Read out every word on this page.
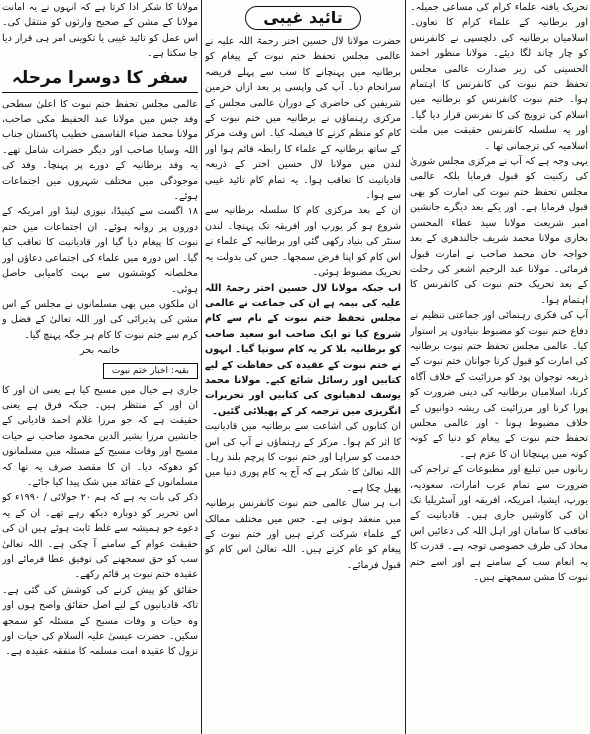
تحریک یافتہ علماء کرام کی مساعی جمیلہ۔ اور برطانیہ کے علماء کرام کا تعاون۔ اسلامیان برطانیہ کی دلچسپی نے کانفرنس کو چار چاند لگا دیئے۔ مولانا منظور احمد الحسینی کی زیر صدارت عالمی مجلس تحفظ ختم نبوت کی کانفرنس کا اہتمام ہوا۔ ختم نبوت کانفرنس کو برطانیہ میں اسلام کی ترویج کی کا نفرنس قرار دیا گیا۔ اور یہ سلسلہ کانفرنس حقیقت میں ملت اسلامیہ کی ترجمانی تھا ۔

یہی وجہ ہے کہ آپ نے مرکزی مجلس شوریٰ کی رکنیت کو قبول فرمایا بلکہ عالمی مجلس تحفظ ختم نبوت کی امارت کو بھی قبول فرمایا ہے۔ اور یکے بعد دیگرے جانشین امیر شریعت مولانا سید عطاء المحسن بخاری مولانا محمد شریف جالندھری کے بعد خواجہ خان محمد صاحب نے امارت قبول فرمائی۔ مولانا عبد الرحیم اشعر کی رحلت کے بعد تحریک ختم نبوت کی کانفرنس کا اہتمام ہوا۔

آپ کی فکری رہنمائی اور جماعتی تنظیم نے دفاع ختم نبوت کو مضبوط بنیادوں پر استوار کیا۔ عالمی مجلس تحفظ ختم نبوت برطانیہ کی امارت کو قبول کرنا جوانان ختم نبوت کے ذریعہ نوجوان پود کو مرزائیت کے خلاف آگاہ کرنا، اسلامیان برطانیہ کی دینی ضرورت کو پورا کرنا اور مرزائیت کی ریشہ دوانیوں کے خلاف مضبوط ہونا - اور عالمی مجلس تحفظ ختم نبوت کے پیغام کو دنیا کے کونہ کونہ میں پہنچانا ان کا عزم ہے۔

زبانوں میں تبلیغ اور مطبوعات کے تراجم کی ضرورت سے تمام عرب امارات، سعودیہ، یورپ، ایشیا، امریکہ، افریقہ اور آسٹریلیا تک ان کی کاوشیں جاری ہیں۔ قادیانیت کے تعاقب کا سامان اور اہل اللہ کی دعائیں اس محاذ کی طرف خصوصی توجہ ہے۔ قدرت کا یہ انعام سب کے سامنے ہے اور اسے ختم نبوت کا مشن سمجھتے ہیں۔

تائید غیبی

حضرت مولانا لال حسین اختر رحمۃ اللہ علیہ نے عالمی مجلس تحفظ ختم نبوت کے پیغام کو برطانیہ میں پہنچانے کا سب سے پہلے فریضہ سرانجام دیا۔ آپ کی واپسی پر بعد ازاں حرمین شریفین کی حاضری کے دوران عالمی مجلس کے مرکزی رہنماؤں نے برطانیہ میں ختم نبوت کے کام کو منظم کرنے کا فیصلہ کیا۔ اس وقت مرکز کے ساتھ برطانیہ کے علماء کا رابطہ قائم ہوا اور لندن میں مولانا لال حسین اختر کے ذریعہ قادیانیت کا تعاقب ہوا۔ یہ تمام کام تائید غیبی سے ہوا۔

ان کے بعد مرکزی کام کا سلسلہ برطانیہ سے شروع ہو کر یورپ اور افریقہ تک پہنچا۔ لندن سنٹر کی بنیاد رکھی گئی اور برطانیہ کے علماء نے اس کام کو اپنا فرض سمجھا۔ جس کی بدولت یہ تحریک مضبوط ہوئی۔

اب جبکہ مولانا لال حسین اختر رحمۃ اللہ علیہ کی بیمہ ہے ان کی جماعت نے عالمی مجلس تحفظ ختم نبوت کے نام سے کام شروع کیا تو ایک صاحب ابو سعید صاحب کو برطانیہ بلا کر یہ کام سونپا گیا۔ انہوں نے ختم نبوت کے عقیدہ کی حفاظت کے لیے کتابیں اور رسائل شائع کیے۔ مولانا محمد یوسف لدھیانوی کی کتابیں اور تحریرات انگریزی میں ترجمہ کر کے پھیلائی گئیں۔

ان کتابوں کی اشاعت سے برطانیہ میں قادیانیت کا اثر کم ہوا۔ مرکز کے رہنماؤں نے آپ کی اس خدمت کو سراہا اور ختم نبوت کا پرچم بلند رہا۔ اللہ تعالیٰ کا شکر ہے کہ آج یہ کام پوری دنیا میں پھیل چکا ہے۔

اب ہر سال عالمی ختم نبوت کانفرنس برطانیہ میں منعقد ہوتی ہے۔ جس میں مختلف ممالک کے علماء شرکت کرتے ہیں اور ختم نبوت کے پیغام کو عام کرتے ہیں۔ اللہ تعالیٰ اس کام کو قبول فرمائے۔

مولانا کا شکر ادا کرتا ہے کہ انہوں نے یہ امانت مولانا کے مشن کے صحیح وارثوں کو منتقل کی۔ اس عمل کو تائید غیبی یا تکوینی امر ہی قرار دیا جا سکتا ہے۔

سفر کا دوسرا مرحلہ

عالمی مجلس تحفظ ختم نبوت کا اعلیٰ سطحی وفد جس میں مولانا عبد الحفیظ مکی صاحب، مولانا محمد ضیاء القاسمی خطیب پاکستان جناب اللہ وسایا صاحب اور دیگر حضرات شامل تھے۔ یہ وفد برطانیہ کے دورے پر پہنچا۔ وفد کی موجودگی میں مختلف شہروں میں اجتماعات ہوئے۔

۱۸ اگست سے کینیڈا، نیوزی لینڈ اور امریکہ کے دوروں پر روانہ ہوئے۔ ان اجتماعات میں ختم نبوت کا پیغام دیا گیا اور قادیانیت کا تعاقب کیا گیا۔ اس دورہ میں علماء کی اجتماعی دعاؤں اور مخلصانہ کوششوں سے بہت کامیابی حاصل ہوئی۔

ان ملکوں میں بھی مسلمانوں نے مجلس کے اس مشن کی پذیرائی کی اور اللہ تعالیٰ کے فضل و کرم سے ختم نبوت کا کام ہر جگہ پہنچ گیا۔

خاتمہ بحر

بقیہ: اخبار ختم نبوت

جاری ہے خیال میں مسیح کیا ہے یعنی ان اور کا ان اور کے منتظر ہیں۔ جبکہ فرق ہے یعنی حقیقت ہے کہ جو مرزا غلام احمد قادیانی کے جانشین مرزا بشیر الدین محمود صاحب نے حیات مسیح اور وفات مسیح کے مسئلہ میں مسلمانوں کو دھوکہ دیا۔ ان کا مقصد صرف یہ تھا کہ مسلمانوں کے عقائد میں شک پیدا کیا جائے۔

ذکر کی بات یہ ہے کہ ہم ۲۰ جولائی / ۱۹۹۰ء کو اس تحریر کو دوبارہ دیکھ رہے تھے۔ ان کے یہ دعوے جو ہمیشہ سے غلط ثابت ہوئے ہیں ان کی حقیقت عوام کے سامنے آ چکی ہے۔ اللہ تعالیٰ سب کو حق سمجھنے کی توفیق عطا فرمائے اور عقیدہ ختم نبوت پر قائم رکھے۔

حقائق کو پیش کرنے کی کوشش کی گئی ہے۔ تاکہ قادیانیوں کے لیے اصل حقائق واضح ہوں اور وہ حیات و وفات مسیح کے مسئلہ کو سمجھ سکیں۔ حضرت عیسیٰ علیہ السلام کی حیات اور نزول کا عقیدہ امت مسلمہ کا متفقہ عقیدہ ہے۔
